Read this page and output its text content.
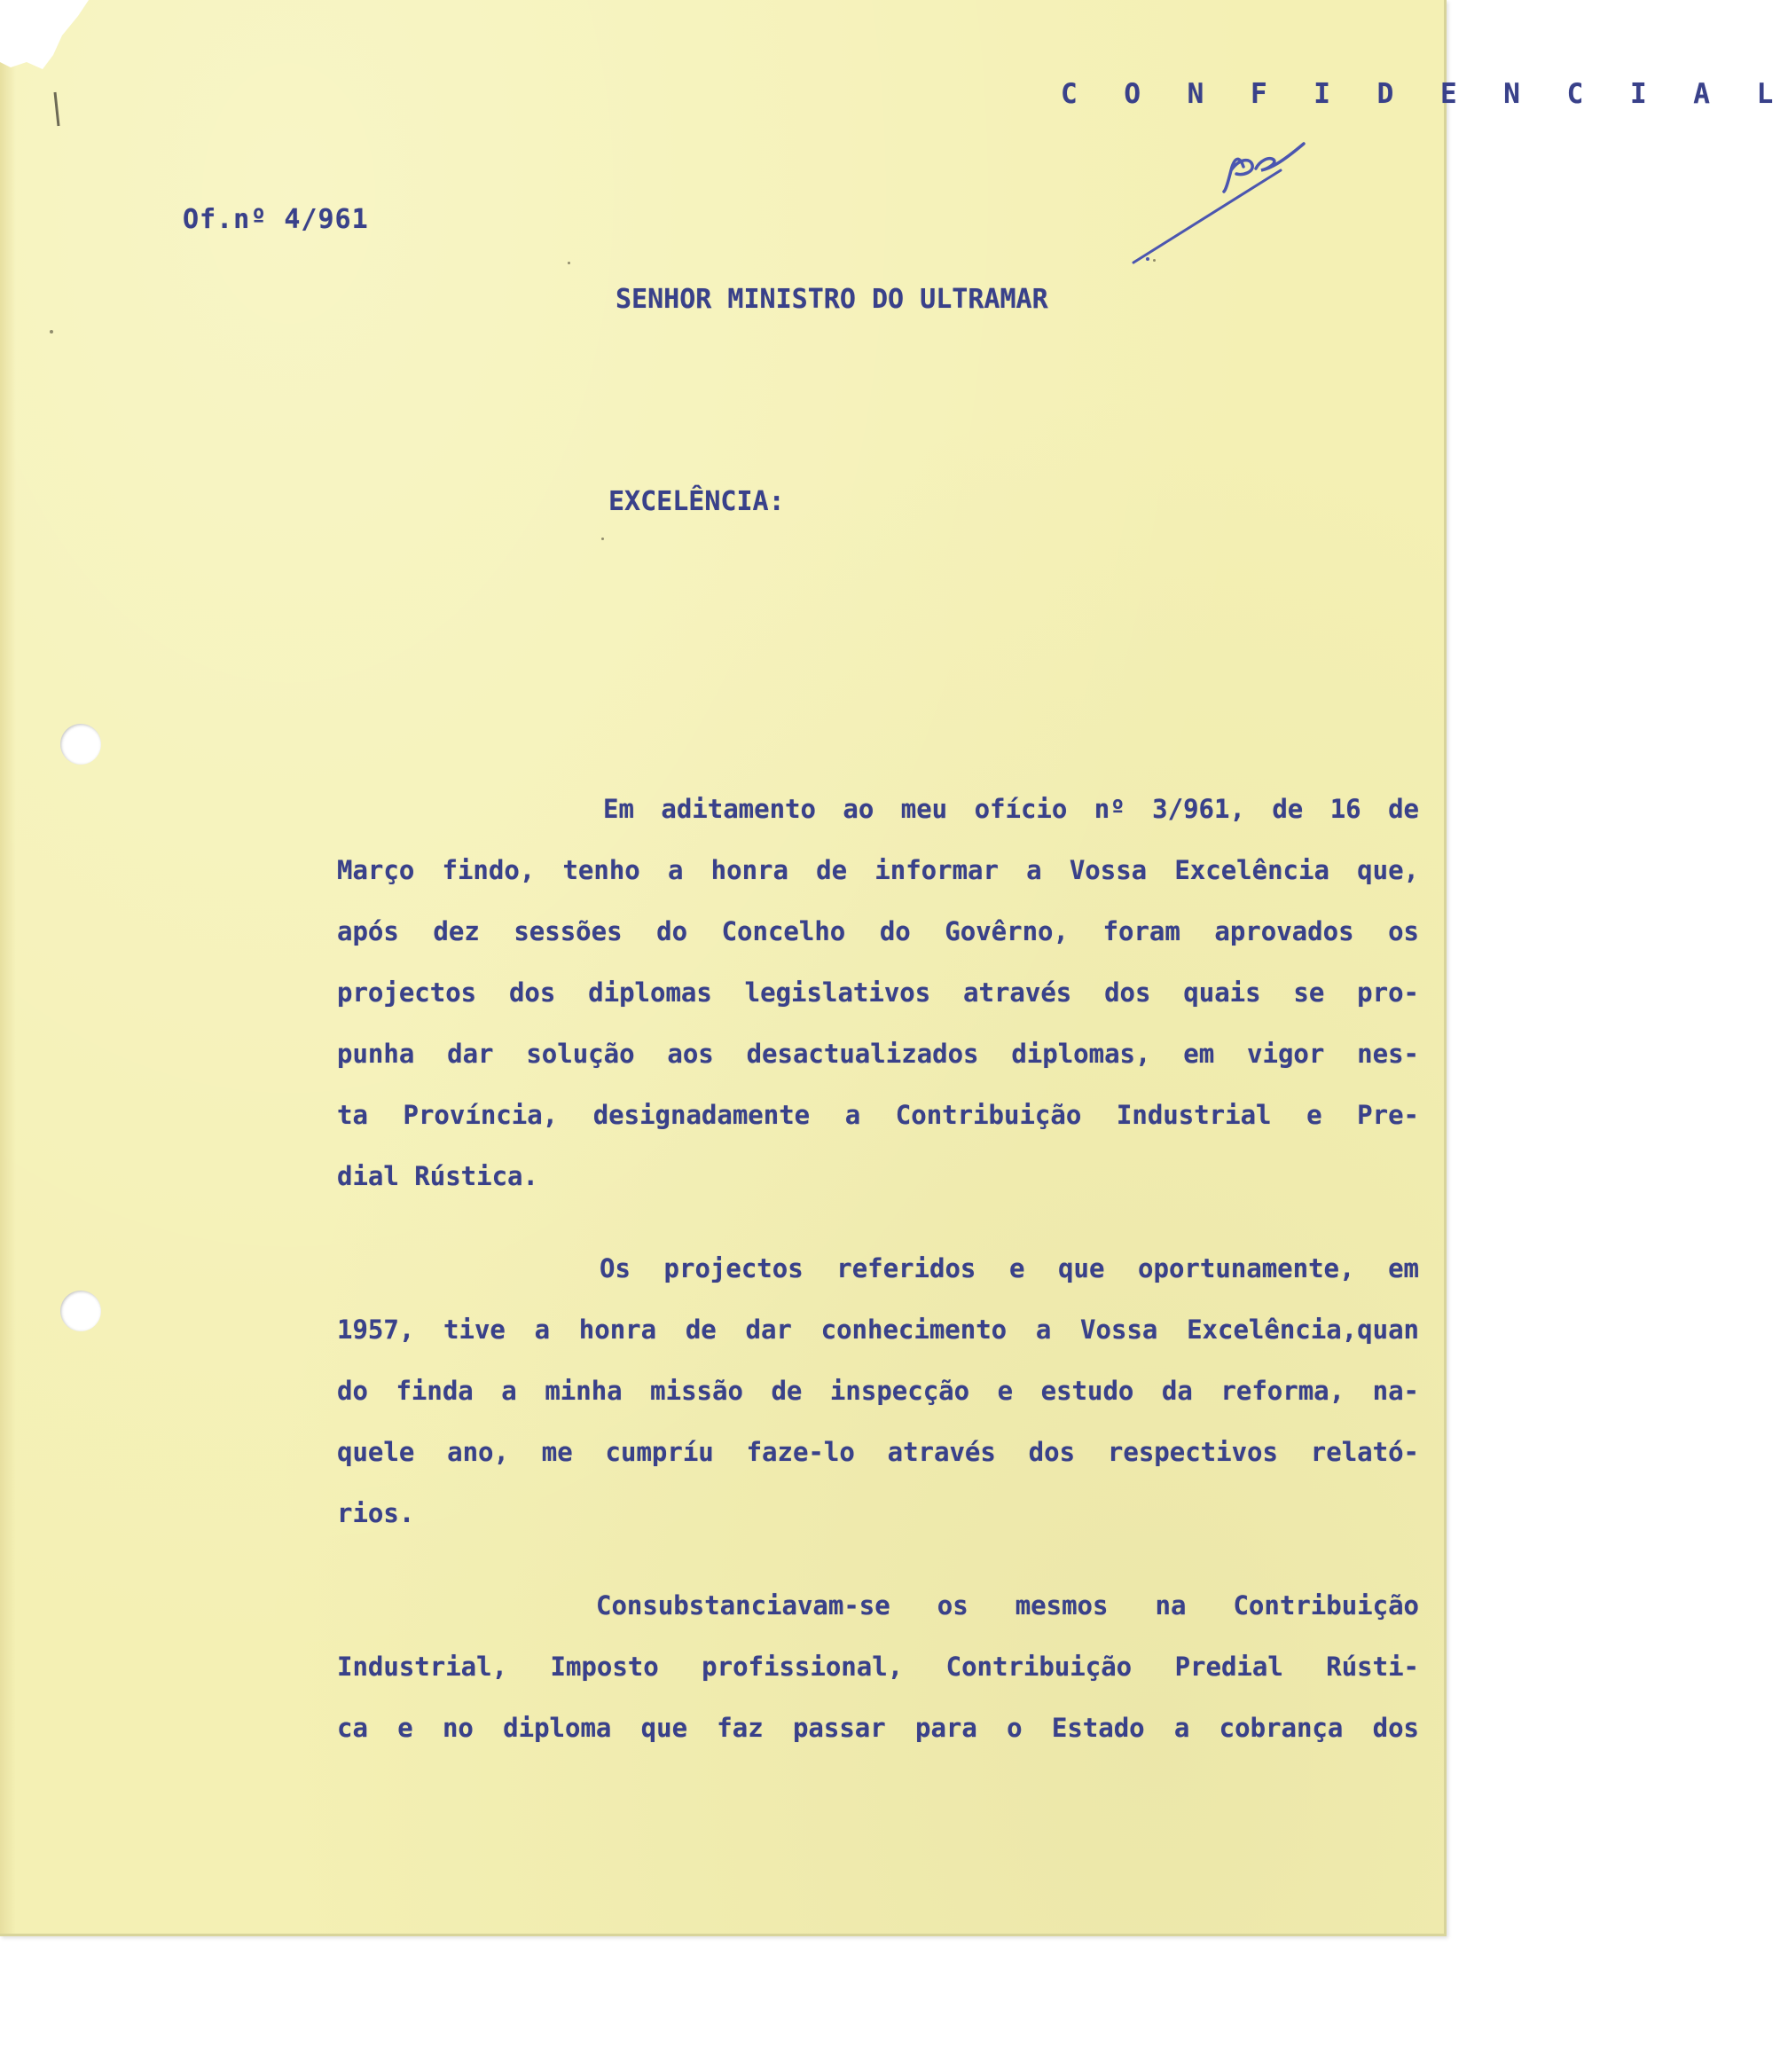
C O N F I D E N C I A L
Of.nº 4/961
SENHOR MINISTRO DO ULTRAMAR
EXCELÊNCIA:
Em aditamento ao meu ofício nº 3/961, de 16 de
Março findo, tenho a honra de informar a Vossa Excelência que,
após dez sessões do Concelho do Govêrno, foram aprovados os
projectos dos diplomas legislativos através dos quais se pro-
punha dar solução aos desactualizados diplomas, em vigor nes-
ta Província, designadamente a Contribuição Industrial e Pre-
dial Rústica.
Os projectos referidos e que oportunamente, em
1957, tive a honra de dar conhecimento a Vossa Excelência,quan
do finda a minha missão de inspecção e estudo da reforma, na-
quele ano, me cumpríu faze-lo através dos respectivos relató-
rios.
Consubstanciavam-se os mesmos na Contribuição
Industrial, Imposto profissional, Contribuição Predial Rústi-
ca e no diploma que faz passar para o Estado a cobrança dos
